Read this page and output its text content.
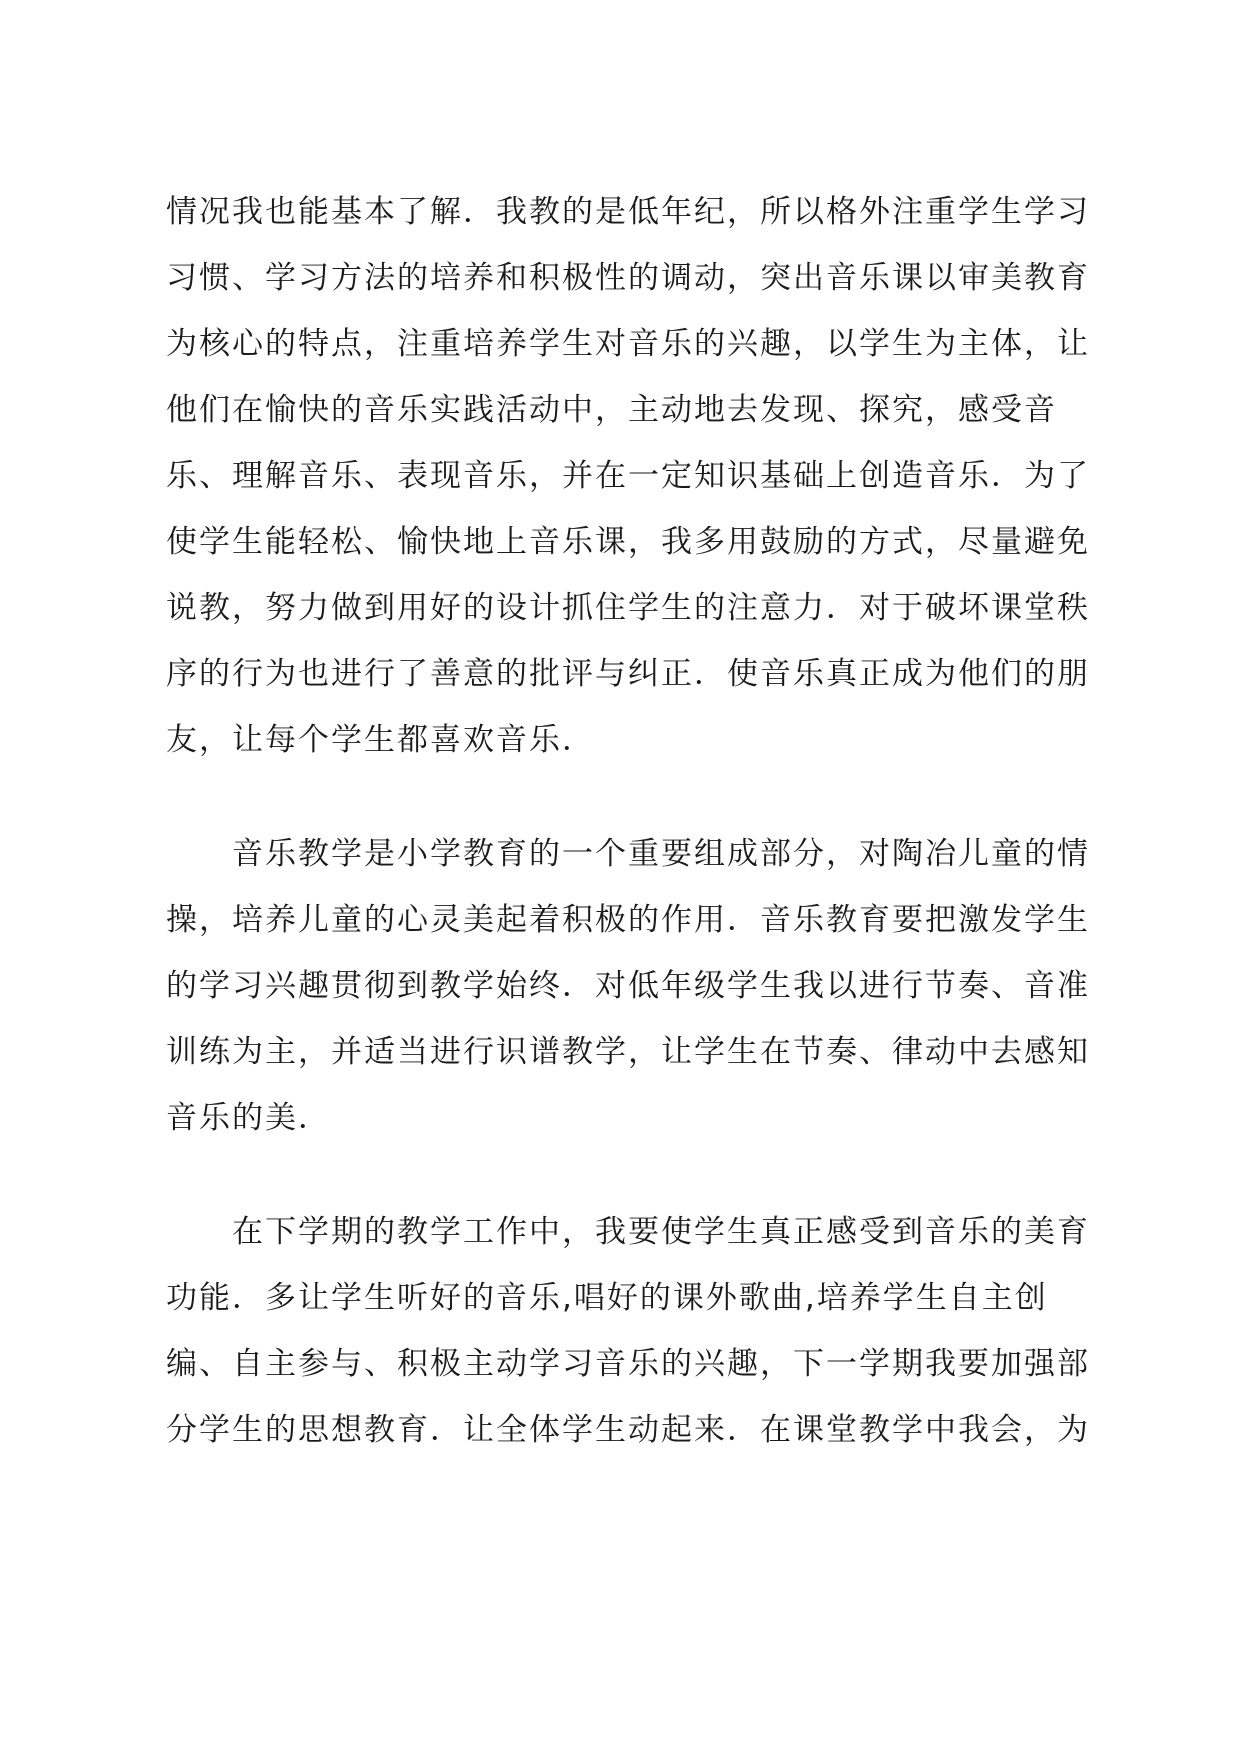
情况我也能基本了解．我教的是低年纪，所以格外注重学生学习
习惯、学习方法的培养和积极性的调动，突出音乐课以审美教育
为核心的特点，注重培养学生对音乐的兴趣，以学生为主体，让
他们在愉快的音乐实践活动中，主动地去发现、探究，感受音
乐、理解音乐、表现音乐，并在一定知识基础上创造音乐．为了
使学生能轻松、愉快地上音乐课，我多用鼓励的方式，尽量避免
说教，努力做到用好的设计抓住学生的注意力．对于破坏课堂秩
序的行为也进行了善意的批评与纠正．使音乐真正成为他们的朋
友，让每个学生都喜欢音乐．
音乐教学是小学教育的一个重要组成部分，对陶冶儿童的情
操，培养儿童的心灵美起着积极的作用．音乐教育要把激发学生
的学习兴趣贯彻到教学始终．对低年级学生我以进行节奏、音准
训练为主，并适当进行识谱教学，让学生在节奏、律动中去感知
音乐的美．
在下学期的教学工作中，我要使学生真正感受到音乐的美育
功能．多让学生听好的音乐,唱好的课外歌曲,培养学生自主创
编、自主参与、积极主动学习音乐的兴趣，下一学期我要加强部
分学生的思想教育．让全体学生动起来．在课堂教学中我会，为
